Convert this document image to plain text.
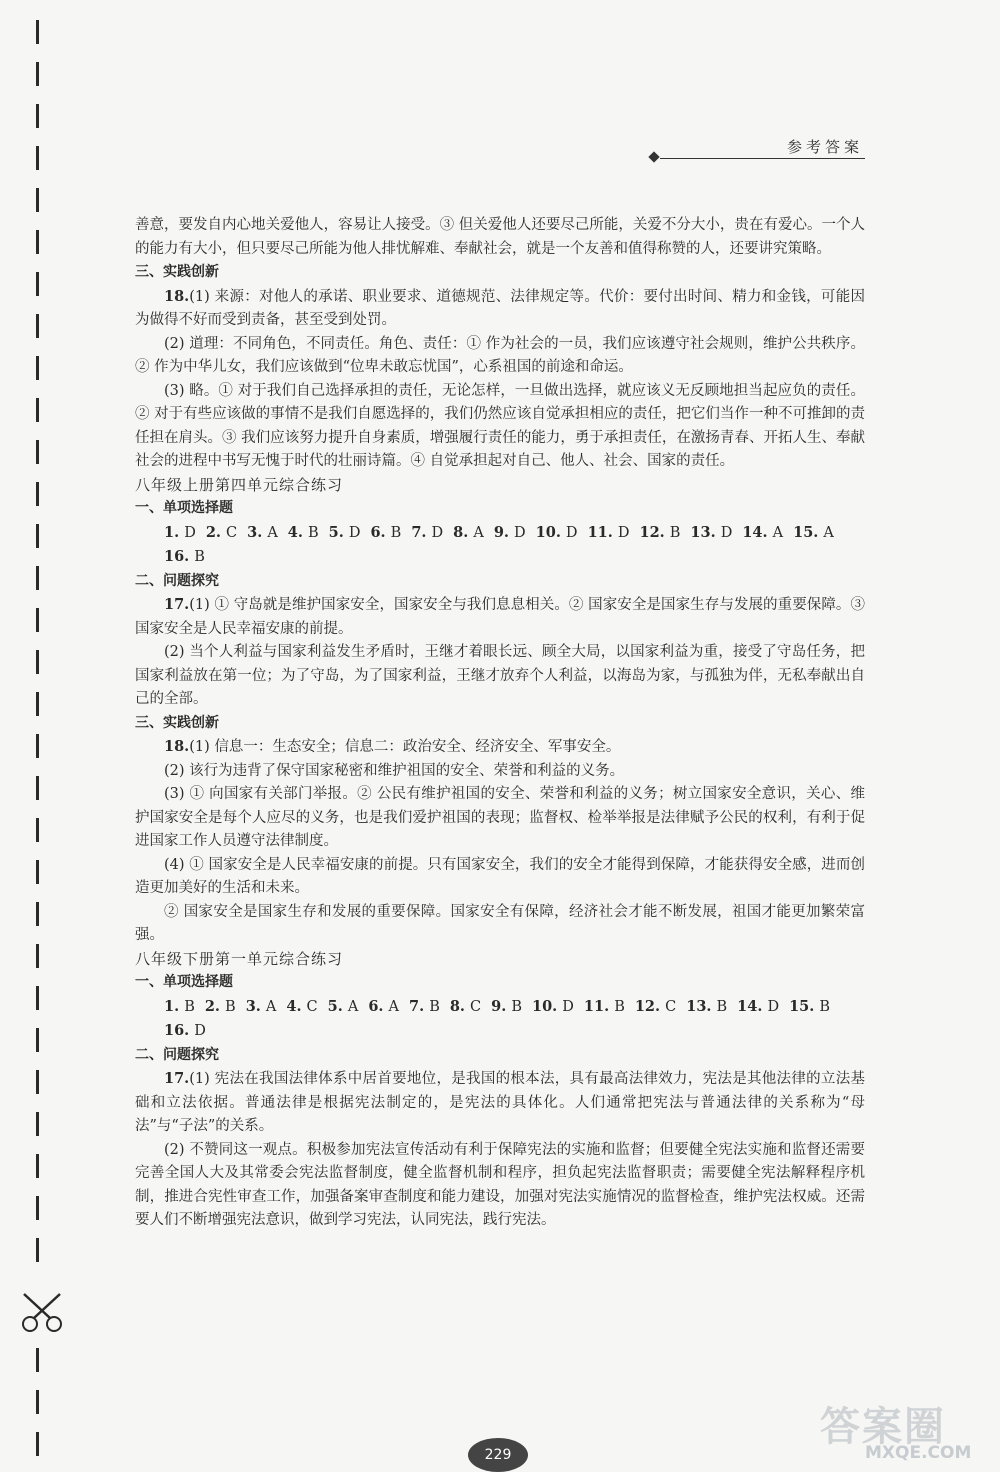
参考答案

善意，要发自内心地关爱他人，容易让人接受。③ 但关爱他人还要尽己所能，关爱不分大小，贵在有爱心。一个人的能力有大小，但只要尽己所能为他人排忧解难、奉献社会，就是一个友善和值得称赞的人，还要讲究策略。

三、实践创新

18.(1) 来源：对他人的承诺、职业要求、道德规范、法律规定等。代价：要付出时间、精力和金钱，可能因为做得不好而受到责备，甚至受到处罚。

(2) 道理：不同角色，不同责任。角色、责任：① 作为社会的一员，我们应该遵守社会规则，维护公共秩序。② 作为中华儿女，我们应该做到“位卑未敢忘忧国”，心系祖国的前途和命运。

(3) 略。① 对于我们自己选择承担的责任，无论怎样，一旦做出选择，就应该义无反顾地担当起应负的责任。② 对于有些应该做的事情不是我们自愿选择的，我们仍然应该自觉承担相应的责任，把它们当作一种不可推卸的责任担在肩头。③ 我们应该努力提升自身素质，增强履行责任的能力，勇于承担责任，在激扬青春、开拓人生、奉献社会的进程中书写无愧于时代的壮丽诗篇。④ 自觉承担起对自己、他人、社会、国家的责任。

八年级上册第四单元综合练习

一、单项选择题

1. D 2. C 3. A 4. B 5. D 6. B 7. D 8. A 9. D 10. D 11. D 12. B 13. D 14. A 15. A16. B

二、问题探究

17.(1) ① 守岛就是维护国家安全，国家安全与我们息息相关。② 国家安全是国家生存与发展的重要保障。③ 国家安全是人民幸福安康的前提。

(2) 当个人利益与国家利益发生矛盾时，王继才着眼长远、顾全大局，以国家利益为重，接受了守岛任务，把国家利益放在第一位；为了守岛，为了国家利益，王继才放弃个人利益，以海岛为家，与孤独为伴，无私奉献出自己的全部。

三、实践创新

18.(1) 信息一：生态安全；信息二：政治安全、经济安全、军事安全。

(2) 该行为违背了保守国家秘密和维护祖国的安全、荣誉和利益的义务。

(3) ① 向国家有关部门举报。② 公民有维护祖国的安全、荣誉和利益的义务；树立国家安全意识，关心、维护国家安全是每个人应尽的义务，也是我们爱护祖国的表现；监督权、检举举报是法律赋予公民的权利，有利于促进国家工作人员遵守法律制度。

(4) ① 国家安全是人民幸福安康的前提。只有国家安全，我们的安全才能得到保障，才能获得安全感，进而创造更加美好的生活和未来。

② 国家安全是国家生存和发展的重要保障。国家安全有保障，经济社会才能不断发展，祖国才能更加繁荣富强。

八年级下册第一单元综合练习

一、单项选择题

1. B 2. B 3. A 4. C 5. A 6. A 7. B 8. C 9. B 10. D 11. B 12. C 13. B 14. D 15. B16. D

二、问题探究

17.(1) 宪法在我国法律体系中居首要地位，是我国的根本法，具有最高法律效力，宪法是其他法律的立法基础和立法依据。普通法律是根据宪法制定的，是宪法的具体化。人们通常把宪法与普通法律的关系称为“母法”与“子法”的关系。

(2) 不赞同这一观点。积极参加宪法宣传活动有利于保障宪法的实施和监督；但要健全宪法实施和监督还需要完善全国人大及其常委会宪法监督制度，健全监督机制和程序，担负起宪法监督职责；需要健全宪法解释程序机制，推进合宪性审查工作，加强备案审查制度和能力建设，加强对宪法实施情况的监督检查，维护宪法权威。还需要人们不断增强宪法意识，做到学习宪法，认同宪法，践行宪法。

229
答案圈
MXQE.COM
